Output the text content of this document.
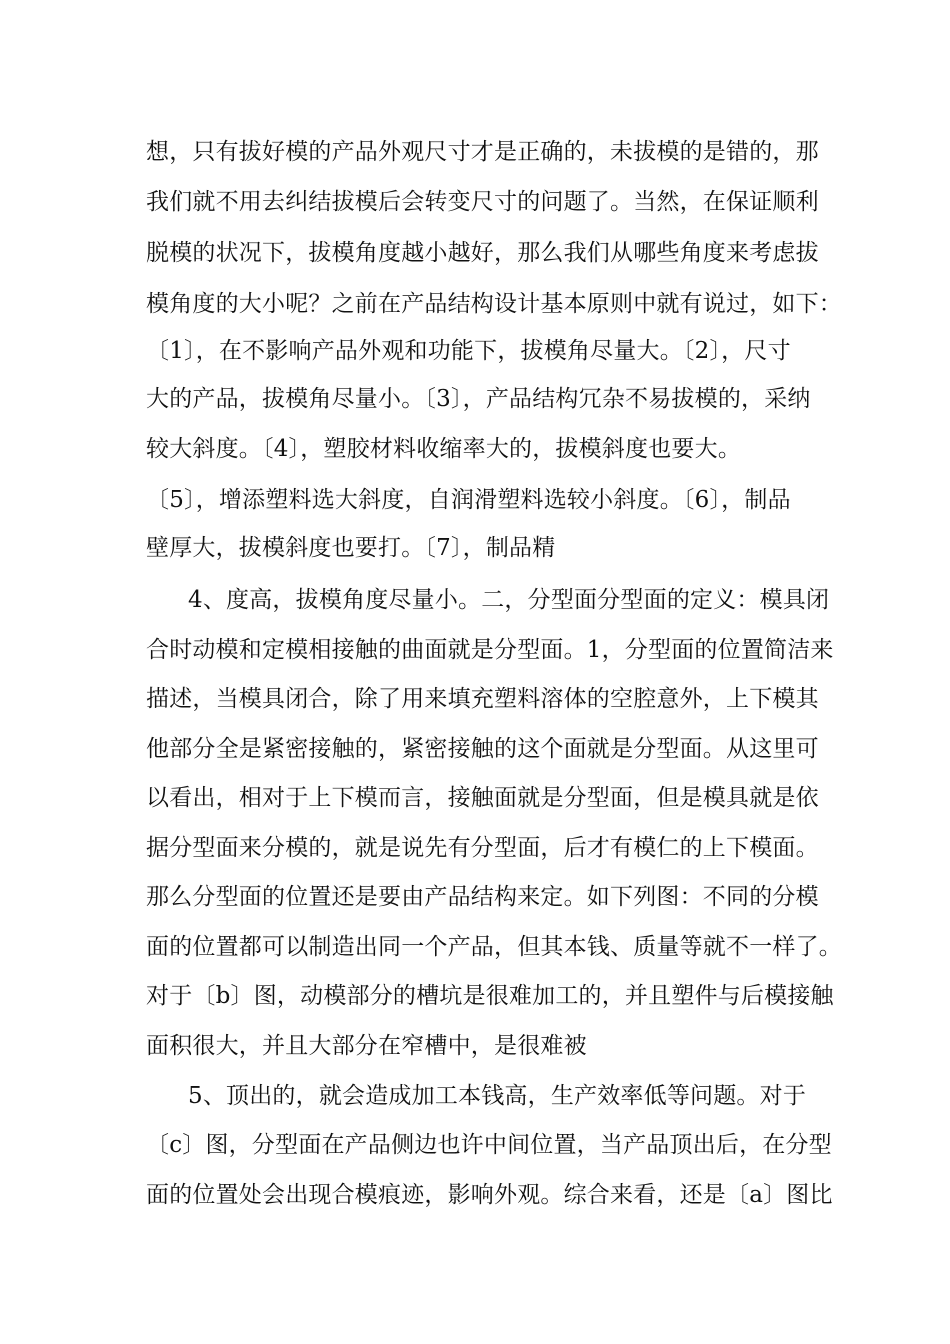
想，只有拔好模的产品外观尺寸才是正确的，未拔模的是错的，那
我们就不用去纠结拔模后会转变尺寸的问题了。当然，在保证顺利
脱模的状况下，拔模角度越小越好，那么我们从哪些角度来考虑拔
模角度的大小呢？之前在产品结构设计基本原则中就有说过，如下：
〔1〕，在不影响产品外观和功能下，拔模角尽量大。〔2〕，尺寸
大的产品，拔模角尽量小。〔3〕，产品结构冗杂不易拔模的，采纳
较大斜度。〔4〕，塑胶材料收缩率大的，拔模斜度也要大。
〔5〕，增添塑料选大斜度，自润滑塑料选较小斜度。〔6〕，制品
壁厚大，拔模斜度也要打。〔7〕，制品精
4、度高，拔模角度尽量小。二，分型面分型面的定义：模具闭
合时动模和定模相接触的曲面就是分型面。1，分型面的位置简洁来
描述，当模具闭合，除了用来填充塑料溶体的空腔意外，上下模其
他部分全是紧密接触的，紧密接触的这个面就是分型面。从这里可
以看出，相对于上下模而言，接触面就是分型面，但是模具就是依
据分型面来分模的，就是说先有分型面，后才有模仁的上下模面。
那么分型面的位置还是要由产品结构来定。如下列图：不同的分模
面的位置都可以制造出同一个产品，但其本钱、质量等就不一样了。
对于〔b〕图，动模部分的槽坑是很难加工的，并且塑件与后模接触
面积很大，并且大部分在窄槽中，是很难被
5、顶出的，就会造成加工本钱高，生产效率低等问题。对于
〔c〕图，分型面在产品侧边也许中间位置，当产品顶出后，在分型
面的位置处会出现合模痕迹，影响外观。综合来看，还是〔a〕图比
